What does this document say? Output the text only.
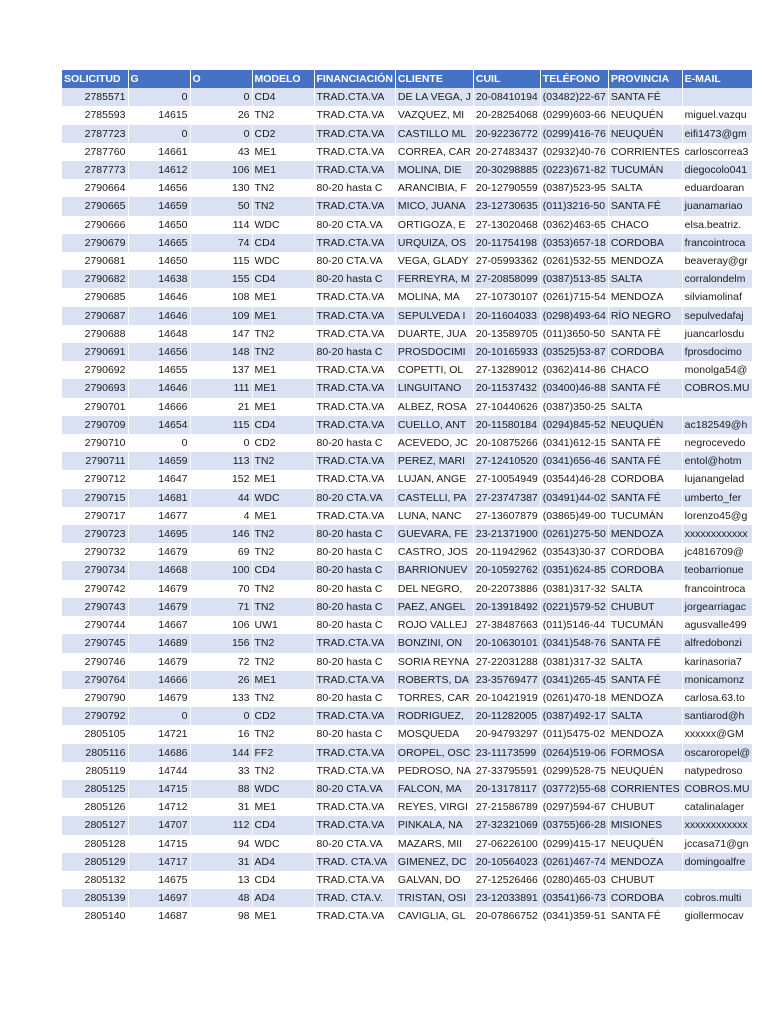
SOLICITUD	G	O	MODELO	FINANCIACIÓN	CLIENTE	CUIL	TELÉFONO	PROVINCIA	E-MAIL
2785571	0	0	CD4	TRAD.CTA.VA	DE LA VEGA, J	20-08410194	(03482)22-67	SANTA FÉ	
2785593	14615	26	TN2	TRAD.CTA.VA	VAZQUEZ, MI	20-28254068	(0299)603-66	NEUQUÉN	miguel.vazqu
2787723	0	0	CD2	TRAD.CTA.VA	CASTILLO ML	20-92236772	(0299)416-76	NEUQUÉN	eifi1473@gm
2787760	14661	43	ME1	TRAD.CTA.VA	CORREA, CAR	20-27483437	(02932)40-76	CORRIENTES	carloscorrea3
2787773	14612	106	ME1	TRAD.CTA.VA	MOLINA, DIE	20-30298885	(0223)671-82	TUCUMÁN	diegocolo041
2790664	14656	130	TN2	80-20 hasta C	ARANCIBIA, F	20-12790559	(0387)523-95	SALTA	eduardoaran
2790665	14659	50	TN2	TRAD.CTA.VA	MICO, JUANA	23-12730635	(011)3216-50	SANTA FÉ	juanamariao
2790666	14650	114	WDC	80-20 CTA.VA	ORTIGOZA, E	27-13020468	(0362)463-65	CHACO	elsa.beatriz.
2790679	14665	74	CD4	TRAD.CTA.VA	URQUIZA, OS	20-11754198	(0353)657-18	CORDOBA	francointroca
2790681	14650	115	WDC	80-20 CTA.VA	VEGA, GLADY	27-05993362	(0261)532-55	MENDOZA	beaveray@gr
2790682	14638	155	CD4	80-20 hasta C	FERREYRA, M	27-20858099	(0387)513-85	SALTA	corralondelm
2790685	14646	108	ME1	TRAD.CTA.VA	MOLINA, MA	27-10730107	(0261)715-54	MENDOZA	silviamolinaf
2790687	14646	109	ME1	TRAD.CTA.VA	SEPULVEDA I	20-11604033	(0298)493-64	RÍO NEGRO	sepulvedafaj
2790688	14648	147	TN2	TRAD.CTA.VA	DUARTE, JUA	20-13589705	(011)3650-50	SANTA FÉ	juancarlosdu
2790691	14656	148	TN2	80-20 hasta C	PROSDOCIMI	20-10165933	(03525)53-87	CORDOBA	fprosdocimo
2790692	14655	137	ME1	TRAD.CTA.VA	COPETTI, OL	27-13289012	(0362)414-86	CHACO	monolga54@
2790693	14646	111	ME1	TRAD.CTA.VA	LINGUITANO	20-11537432	(03400)46-88	SANTA FÉ	COBROS.MU
2790701	14666	21	ME1	TRAD.CTA.VA	ALBEZ, ROSA	27-10440626	(0387)350-25	SALTA	
2790709	14654	115	CD4	TRAD.CTA.VA	CUELLO, ANT	20-11580184	(0294)845-52	NEUQUÉN	ac182549@h
2790710	0	0	CD2	80-20 hasta C	ACEVEDO, JC	20-10875266	(0341)612-15	SANTA FÉ	negrocevedo
2790711	14659	113	TN2	TRAD.CTA.VA	PEREZ, MARI	27-12410520	(0341)656-46	SANTA FÉ	entol@hotm
2790712	14647	152	ME1	TRAD.CTA.VA	LUJAN, ANGE	27-10054949	(03544)46-28	CORDOBA	lujanangelad
2790715	14681	44	WDC	80-20 CTA.VA	CASTELLI, PA	27-23747387	(03491)44-02	SANTA FÉ	umberto_fer
2790717	14677	4	ME1	TRAD.CTA.VA	LUNA, NANC	27-13607879	(03865)49-00	TUCUMÁN	lorenzo45@g
2790723	14695	146	TN2	80-20 hasta C	GUEVARA, FE	23-21371900	(0261)275-50	MENDOZA	xxxxxxxxxxxx
2790732	14679	69	TN2	80-20 hasta C	CASTRO, JOS	20-11942962	(03543)30-37	CORDOBA	jc4816709@
2790734	14668	100	CD4	80-20 hasta C	BARRIONUEV	20-10592762	(0351)624-85	CORDOBA	teobarrionue
2790742	14679	70	TN2	80-20 hasta C	DEL NEGRO,	20-22073886	(0381)317-32	SALTA	francointroca
2790743	14679	71	TN2	80-20 hasta C	PAEZ, ANGEL	20-13918492	(0221)579-52	CHUBUT	jorgearriagac
2790744	14667	106	UW1	80-20 hasta C	ROJO VALLEJ	27-38487663	(011)5146-44	TUCUMÁN	agusvalle499
2790745	14689	156	TN2	TRAD.CTA.VA	BONZINI, ON	20-10630101	(0341)548-76	SANTA FÉ	alfredobonzi
2790746	14679	72	TN2	80-20 hasta C	SORIA REYNA	27-22031288	(0381)317-32	SALTA	karinasoria7
2790764	14666	26	ME1	TRAD.CTA.VA	ROBERTS, DA	23-35769477	(0341)265-45	SANTA FÉ	monicamonz
2790790	14679	133	TN2	80-20 hasta C	TORRES, CAR	20-10421919	(0261)470-18	MENDOZA	carlosa.63.to
2790792	0	0	CD2	TRAD.CTA.VA	RODRIGUEZ,	20-11282005	(0387)492-17	SALTA	santiarod@h
2805105	14721	16	TN2	80-20 hasta C	MOSQUEDA	20-94793297	(011)5475-02	MENDOZA	xxxxxx@GM
2805116	14686	144	FF2	TRAD.CTA.VA	OROPEL, OSC	23-11173599	(0264)519-06	FORMOSA	oscaroropel@
2805119	14744	33	TN2	TRAD.CTA.VA	PEDROSO, NA	27-33795591	(0299)528-75	NEUQUÉN	natypedroso
2805125	14715	88	WDC	80-20 CTA.VA	FALCON, MA	20-13178117	(03772)55-68	CORRIENTES	COBROS.MU
2805126	14712	31	ME1	TRAD.CTA.VA	REYES, VIRGI	27-21586789	(0297)594-67	CHUBUT	catalinalager
2805127	14707	112	CD4	TRAD.CTA.VA	PINKALA, NA	27-32321069	(03755)66-28	MISIONES	xxxxxxxxxxxx
2805128	14715	94	WDC	80-20 CTA.VA	MAZARS, MII	27-06226100	(0299)415-17	NEUQUÉN	jccasa71@gn
2805129	14717	31	AD4	TRAD. CTA.VA	GIMENEZ, DC	20-10564023	(0261)467-74	MENDOZA	domingoalfre
2805132	14675	13	CD4	TRAD.CTA.VA	GALVAN, DO	27-12526466	(0280)465-03	CHUBUT	
2805139	14697	48	AD4	TRAD. CTA.V.	TRISTAN, OSI	23-12033891	(03541)66-73	CORDOBA	cobros.multi
2805140	14687	98	ME1	TRAD.CTA.VA	CAVIGLIA, GL	20-07866752	(0341)359-51	SANTA FÉ	giollermocav
